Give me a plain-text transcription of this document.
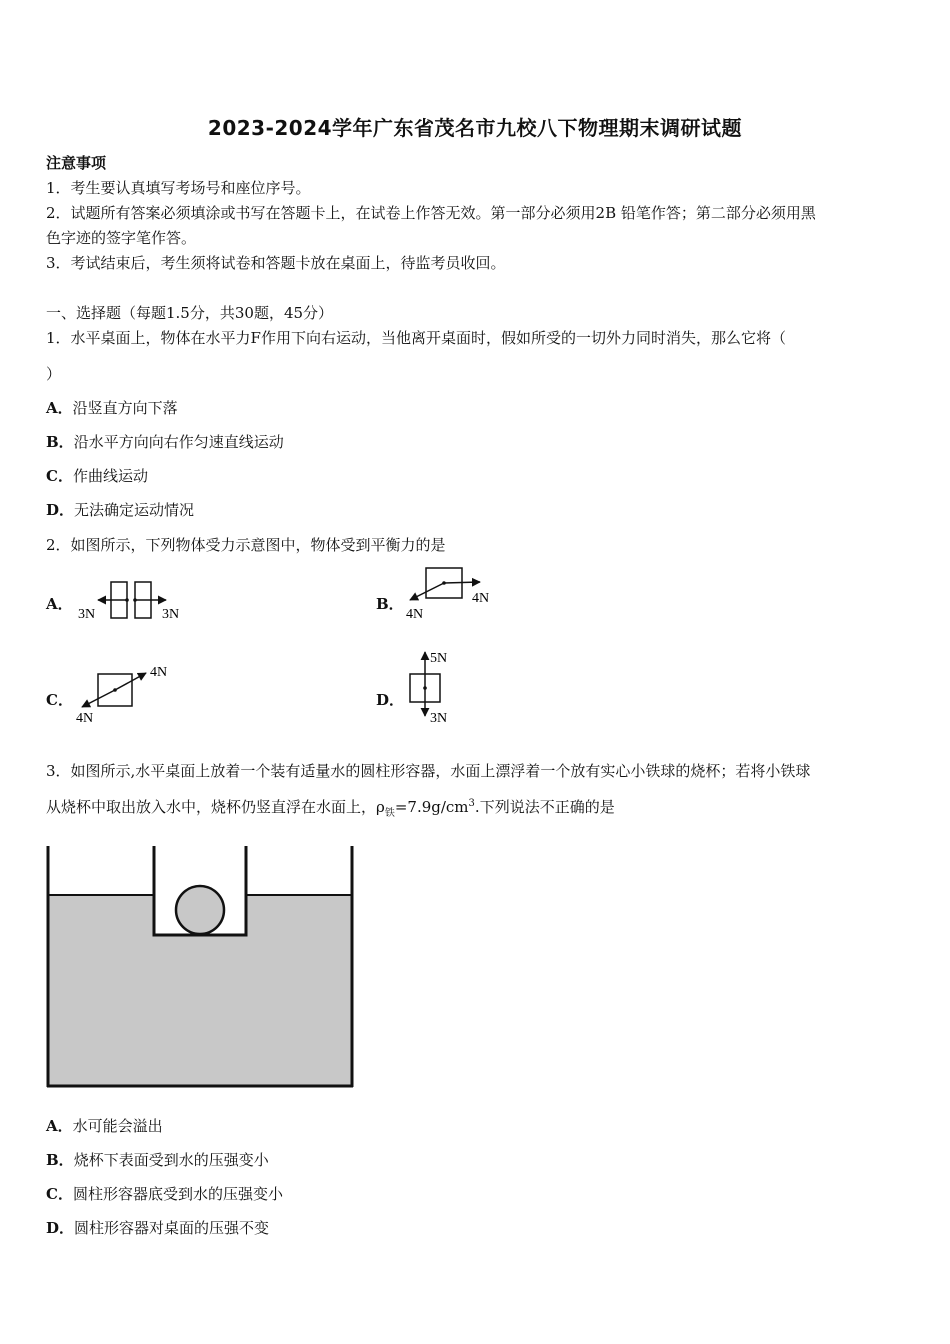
2023-2024学年广东省茂名市九校八下物理期末调研试题
注意事项
1．考生要认真填写考场号和座位序号。
2．试题所有答案必须填涂或书写在答题卡上，在试卷上作答无效。第一部分必须用2B 铅笔作答；第二部分必须用黑
色字迹的签字笔作答。
3．考试结束后，考生须将试卷和答题卡放在桌面上，待监考员收回。
一、选择题（每题1.5分，共30题，45分）
1．水平桌面上，物体在水平力F作用下向右运动，当他离开桌面时，假如所受的一切外力同时消失，那么它将（
）
A．沿竖直方向下落
B．沿水平方向向右作匀速直线运动
C．作曲线运动
D．无法确定运动情况
2．如图所示，下列物体受力示意图中，物体受到平衡力的是
A．
3N	3N
B．
4N
4N
C．
4N
4N
D．
5N
3N
3．如图所示,水平桌面上放着一个装有适量水的圆柱形容器，水面上漂浮着一个放有实心小铁球的烧杯；若将小铁球
从烧杯中取出放入水中，烧杯仍竖直浮在水面上，$\rho_铁=7.9g/cm^3$.下列说法不正确的是
A．水可能会溢出
B．烧杯下表面受到水的压强变小
C．圆柱形容器底受到水的压强变小
D．圆柱形容器对桌面的压强不变
